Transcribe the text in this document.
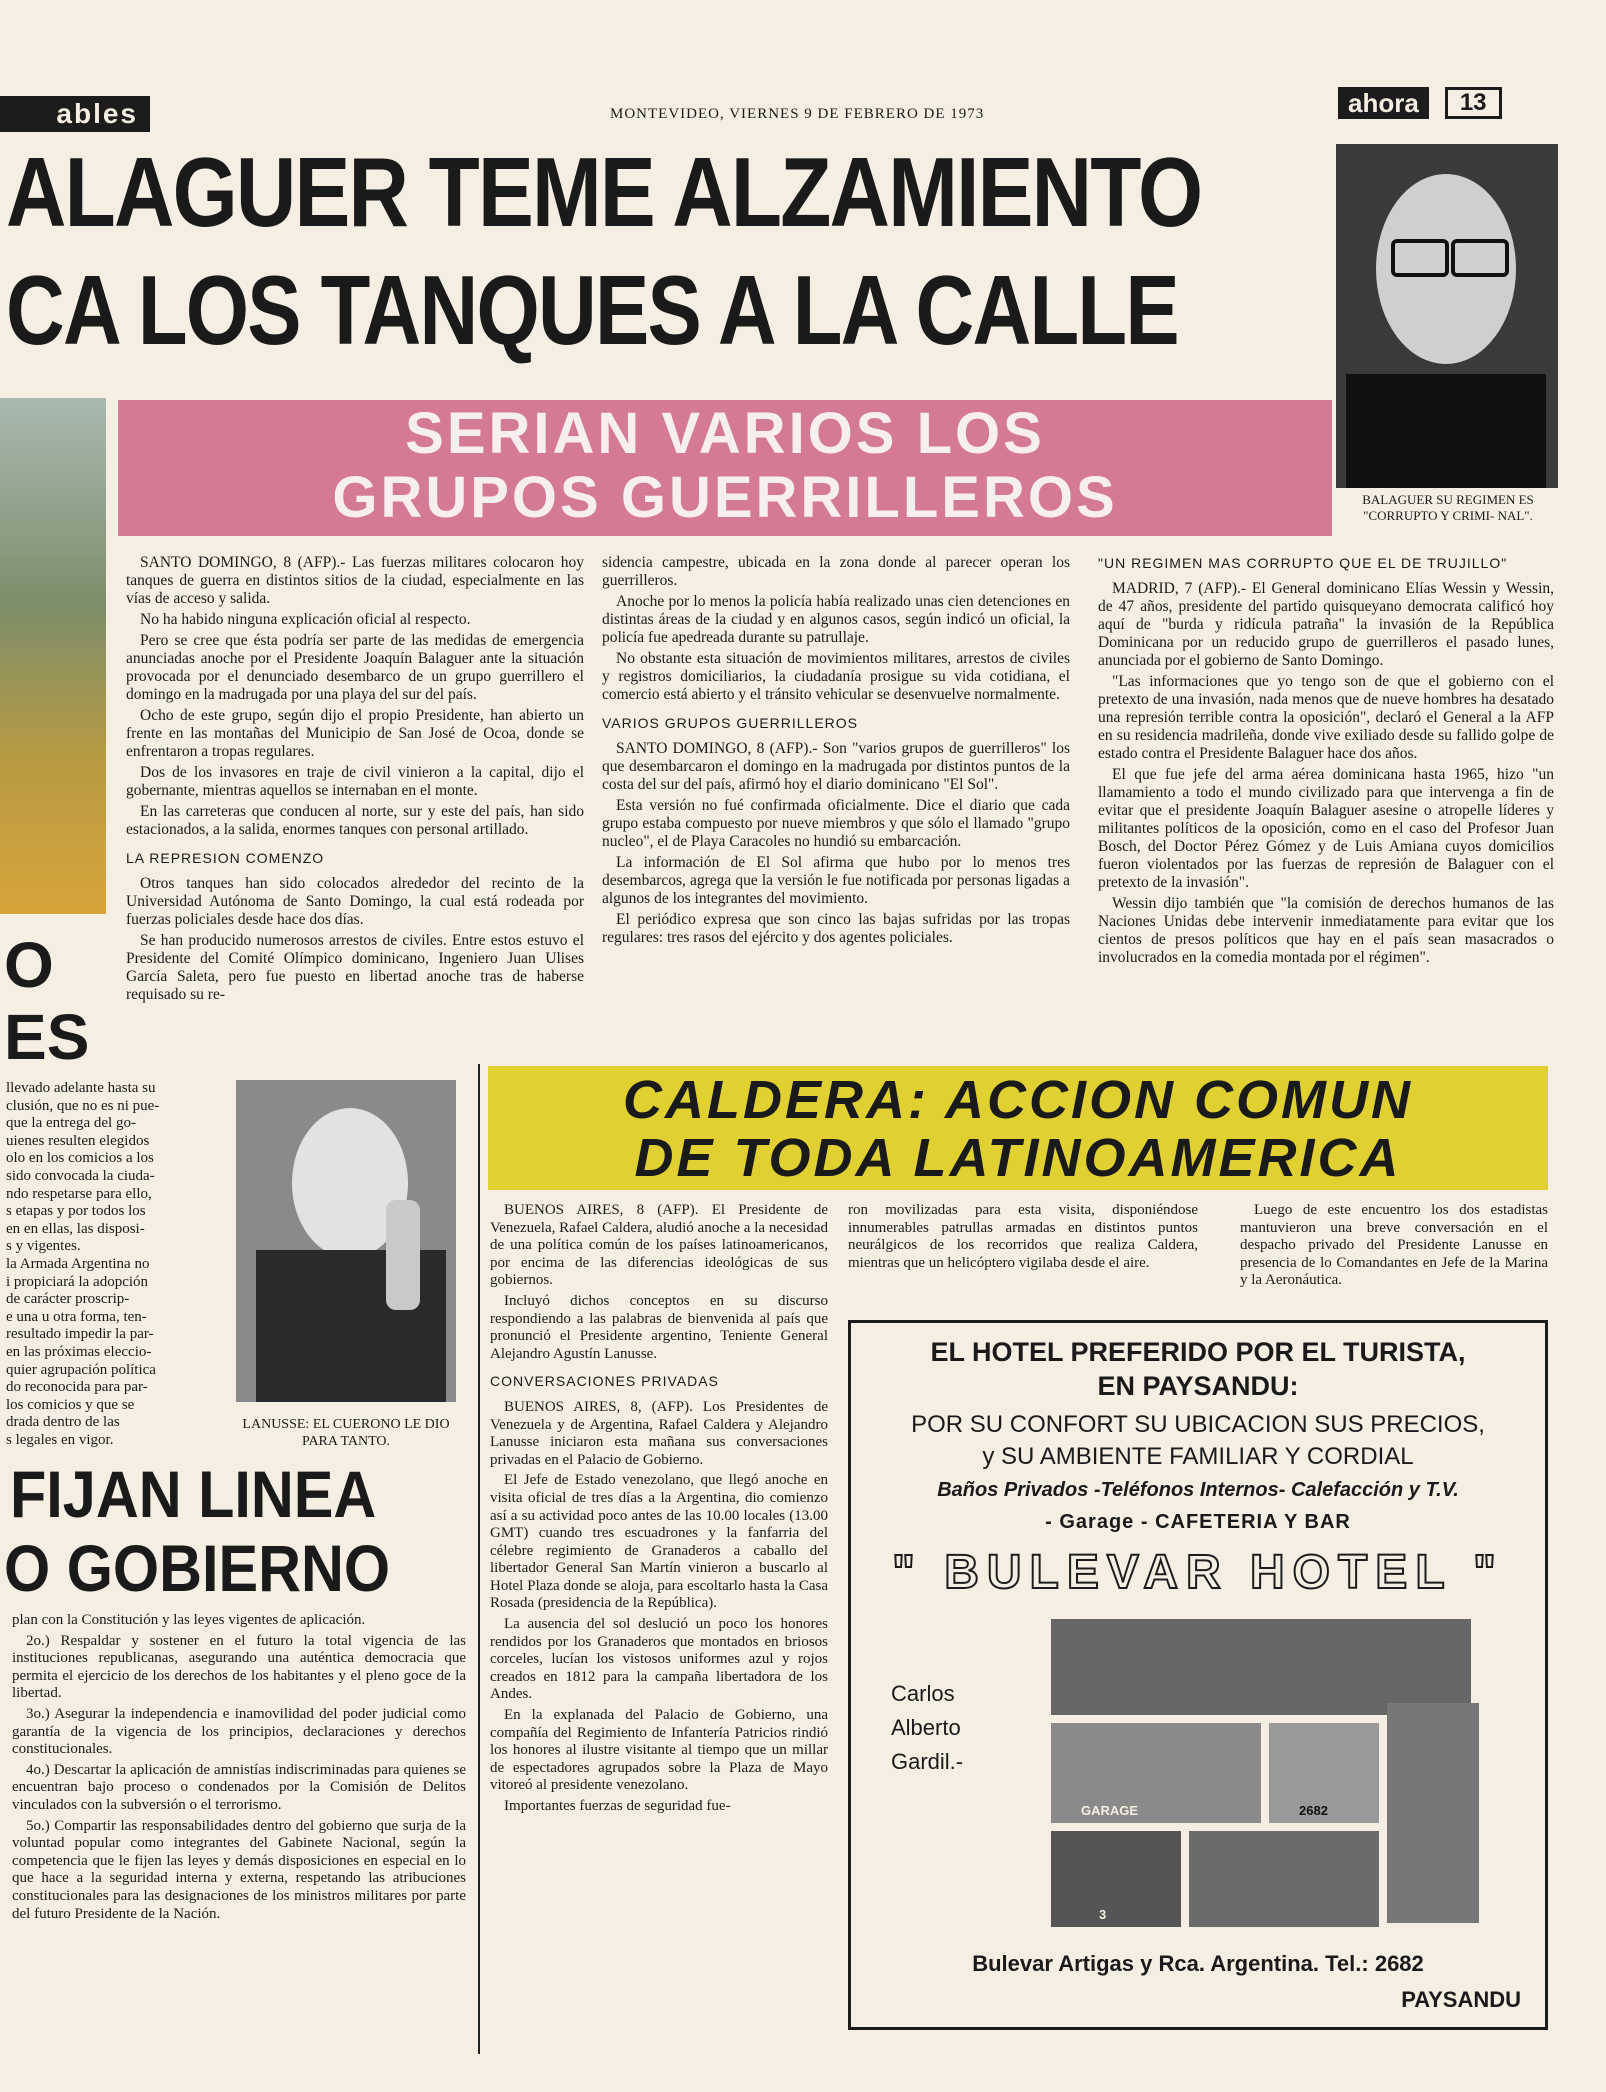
ables	MONTEVIDEO, VIERNES 9 DE FEBRERO DE 1973	ahora	13
ALAGUER TEME ALZAMIENTO
CA LOS TANQUES A LA CALLE
BALAGUER SU REGIMEN ES "CORRUPTO Y CRIMI- NAL".
SERIAN VARIOS LOS
GRUPOS GUERRILLEROS

SANTO DOMINGO, 8 (AFP).- Las fuerzas militares colocaron hoy tanques de guerra en distintos sitios de la ciudad, especialmente en las vías de acceso y salida.

No ha habido ninguna explicación oficial al respecto.

Pero se cree que ésta podría ser parte de las medidas de emergencia anunciadas anoche por el Presidente Joaquín Balaguer ante la situación provocada por el denunciado desembarco de un grupo guerrillero el domingo en la madrugada por una playa del sur del país.

Ocho de este grupo, según dijo el propio Presidente, han abierto un frente en las montañas del Municipio de San José de Ocoa, donde se enfrentaron a tropas regulares.

Dos de los invasores en traje de civil vinieron a la capital, dijo el gobernante, mientras aquellos se internaban en el monte.

En las carreteras que conducen al norte, sur y este del país, han sido estacionados, a la salida, enormes tanques con personal artillado.

LA REPRESION COMENZO

Otros tanques han sido colocados alrededor del recinto de la Universidad Autónoma de Santo Domingo, la cual está rodeada por fuerzas policiales desde hace dos días.

Se han producido numerosos arrestos de civiles. Entre estos estuvo el Presidente del Comité Olímpico dominicano, Ingeniero Juan Ulises García Saleta, pero fue puesto en libertad anoche tras de haberse requisado su re-

sidencia campestre, ubicada en la zona donde al parecer operan los guerrilleros.

Anoche por lo menos la policía había realizado unas cien detenciones en distintas áreas de la ciudad y en algunos casos, según indicó un oficial, la policía fue apedreada durante su patrullaje.

No obstante esta situación de movimientos militares, arrestos de civiles y registros domiciliarios, la ciudadanía prosigue su vida cotidiana, el comercio está abierto y el tránsito vehicular se desenvuelve normalmente.

VARIOS GRUPOS GUERRILLEROS

SANTO DOMINGO, 8 (AFP).- Son "varios grupos de guerrilleros" los que desembarcaron el domingo en la madrugada por distintos puntos de la costa del sur del país, afirmó hoy el diario dominicano "El Sol".

Esta versión no fué confirmada oficialmente. Dice el diario que cada grupo estaba compuesto por nueve miembros y que sólo el llamado "grupo nucleo", el de Playa Caracoles no hundió su embarcación.

La información de El Sol afirma que hubo por lo menos tres desembarcos, agrega que la versión le fue notificada por personas ligadas a algunos de los integrantes del movimiento.

El periódico expresa que son cinco las bajas sufridas por las tropas regulares: tres rasos del ejército y dos agentes policiales.

"UN REGIMEN MAS CORRUPTO QUE EL DE TRUJILLO"

MADRID, 7 (AFP).- El General dominicano Elías Wessin y Wessin, de 47 años, presidente del partido quisqueyano democrata calificó hoy aquí de "burda y ridícula patraña" la invasión de la República Dominicana por un reducido grupo de guerrilleros el pasado lunes, anunciada por el gobierno de Santo Domingo.

"Las informaciones que yo tengo son de que el gobierno con el pretexto de una invasión, nada menos que de nueve hombres ha desatado una represión terrible contra la oposición", declaró el General a la AFP en su residencia madrileña, donde vive exiliado desde su fallido golpe de estado contra el Presidente Balaguer hace dos años.

El que fue jefe del arma aérea dominicana hasta 1965, hizo "un llamamiento a todo el mundo civilizado para que intervenga a fin de evitar que el presidente Joaquín Balaguer asesine o atropelle líderes y militantes políticos de la oposición, como en el caso del Profesor Juan Bosch, del Doctor Pérez Gómez y de Luis Amiana cuyos domicilios fueron violentados por las fuerzas de represión de Balaguer con el pretexto de la invasión".

Wessin dijo también que "la comisión de derechos humanos de las Naciones Unidas debe intervenir inmediatamente para evitar que los cientos de presos políticos que hay en el país sean masacrados o involucrados en la comedia montada por el régimen".

O
ES
llevado adelante hasta su
clusión, que no es ni pue-
que la entrega del go-
uienes resulten elegidos
olo en los comicios a los
sido convocada la ciuda-
ndo respetarse para ello,
s etapas y por todos los
en en ellas, las disposi-
s y vigentes.
la Armada Argentina no
i propiciará la adopción
de carácter proscrip-
e una u otra forma, ten-
resultado impedir la par-
en las próximas eleccio-
quier agrupación política
do reconocida para par-
los comicios y que se
drada dentro de las
s legales en vigor.
LANUSSE: EL CUERONO LE DIO PARA TANTO.
FIJAN LINEA
O GOBIERNO

plan con la Constitución y las leyes vigentes de aplicación.

2o.) Respaldar y sostener en el futuro la total vigencia de las instituciones republicanas, asegurando una auténtica democracia que permita el ejercicio de los derechos de los habitantes y el pleno goce de la libertad.

3o.) Asegurar la independencia e inamovilidad del poder judicial como garantía de la vigencia de los principios, declaraciones y derechos constitucionales.

4o.) Descartar la aplicación de amnistías indiscriminadas para quienes se encuentran bajo proceso o condenados por la Comisión de Delitos vinculados con la subversión o el terrorismo.

5o.) Compartir las responsabilidades dentro del gobierno que surja de la voluntad popular como integrantes del Gabinete Nacional, según la competencia que le fijen las leyes y demás disposiciones en especial en lo que hace a la seguridad interna y externa, respetando las atribuciones constitucionales para las designaciones de los ministros militares por parte del futuro Presidente de la Nación.

CALDERA: ACCION COMUN
DE TODA LATINOAMERICA

BUENOS AIRES, 8 (AFP). El Presidente de Venezuela, Rafael Caldera, aludió anoche a la necesidad de una política común de los países latinoamericanos, por encima de las diferencias ideológicas de sus gobiernos.

Incluyó dichos conceptos en su discurso respondiendo a las palabras de bienvenida al país que pronunció el Presidente argentino, Teniente General Alejandro Agustín Lanusse.

CONVERSACIONES PRIVADAS

BUENOS AIRES, 8, (AFP). Los Presidentes de Venezuela y de Argentina, Rafael Caldera y Alejandro Lanusse iniciaron esta mañana sus conversaciones privadas en el Palacio de Gobierno.

El Jefe de Estado venezolano, que llegó anoche en visita oficial de tres días a la Argentina, dio comienzo así a su actividad poco antes de las 10.00 locales (13.00 GMT) cuando tres escuadrones y la fanfarria del célebre regimiento de Granaderos a caballo del libertador General San Martín vinieron a buscarlo al Hotel Plaza donde se aloja, para escoltarlo hasta la Casa Rosada (presidencia de la República).

La ausencia del sol deslució un poco los honores rendidos por los Granaderos que montados en briosos corceles, lucían los vistosos uniformes azul y rojos creados en 1812 para la campaña libertadora de los Andes.

En la explanada del Palacio de Gobierno, una compañía del Regimiento de Infantería Patricios rindió los honores al ilustre visitante al tiempo que un millar de espectadores agrupados sobre la Plaza de Mayo vitoreó al presidente venezolano.

Importantes fuerzas de seguridad fue-

ron movilizadas para esta visita, disponiéndose innumerables patrullas armadas en distintos puntos neurálgicos de los recorridos que realiza Caldera, mientras que un helicóptero vigilaba desde el aire.

Luego de este encuentro los dos estadistas mantuvieron una breve conversación en el despacho privado del Presidente Lanusse en presencia de lo Comandantes en Jefe de la Marina y la Aeronáutica.

EL HOTEL PREFERIDO POR EL TURISTA,
EN PAYSANDU:
POR SU CONFORT SU UBICACION SUS PRECIOS,
y SU AMBIENTE FAMILIAR Y CORDIAL
Baños Privados -Teléfonos Internos- Calefacción y T.V.
- Garage - CAFETERIA Y BAR
" BULEVAR HOTEL "
Carlos
Alberto
Gardil.-
GARAGE	2682
3
Bulevar Artigas y Rca. Argentina. Tel.: 2682
PAYSANDU
